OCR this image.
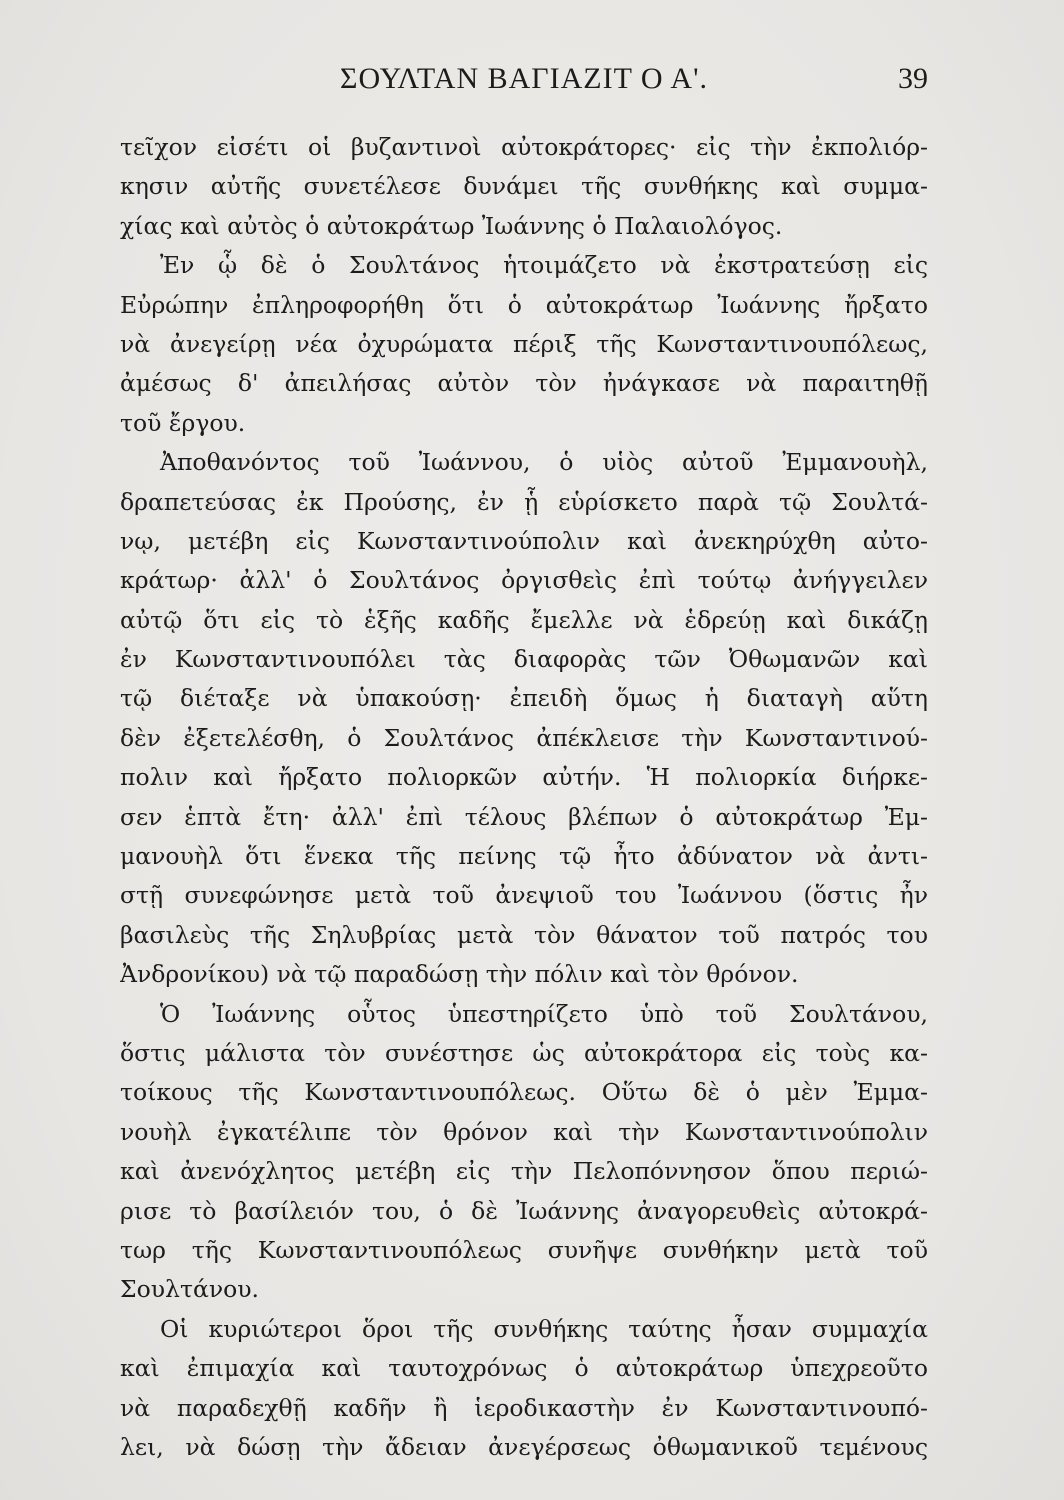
ΣΟΥΛΤΑΝ ΒΑΓΙΑΖΙΤ Ο Α'.	39
τεῖχον εἰσέτι οἱ βυζαντινοὶ αὐτοκράτορες· εἰς τὴν ἐκπολιόρ-
κησιν αὐτῆς συνετέλεσε δυνάμει τῆς συνθήκης καὶ συμμα-
χίας καὶ αὐτὸς ὁ αὐτοκράτωρ Ἰωάννης ὁ Παλαιολόγος.
Ἐν ᾧ δὲ ὁ Σουλτάνος ἡτοιμάζετο νὰ ἐκστρατεύσῃ εἰς
Εὐρώπην ἐπληροφορήθη ὅτι ὁ αὐτοκράτωρ Ἰωάννης ἤρξατο
νὰ ἀνεγείρῃ νέα ὀχυρώματα πέριξ τῆς Κωνσταντινουπόλεως,
ἀμέσως δ' ἀπειλήσας αὐτὸν τὸν ἠνάγκασε νὰ παραιτηθῇ
τοῦ ἔργου.
Ἀποθανόντος τοῦ Ἰωάννου, ὁ υἱὸς αὐτοῦ Ἐμμανουὴλ,
δραπετεύσας ἐκ Προύσης, ἐν ᾗ εὑρίσκετο παρὰ τῷ Σουλτά-
νῳ, μετέβη εἰς Κωνσταντινούπολιν καὶ ἀνεκηρύχθη αὐτο-
κράτωρ· ἀλλ' ὁ Σουλτάνος ὀργισθεὶς ἐπὶ τούτῳ ἀνήγγειλεν
αὐτῷ ὅτι εἰς τὸ ἑξῆς καδῆς ἔμελλε νὰ ἑδρεύῃ καὶ δικάζῃ
ἐν Κωνσταντινουπόλει τὰς διαφορὰς τῶν Ὀθωμανῶν καὶ
τῷ διέταξε νὰ ὑπακούσῃ· ἐπειδὴ ὅμως ἡ διαταγὴ αὕτη
δὲν ἐξετελέσθη, ὁ Σουλτάνος ἀπέκλεισε τὴν Κωνσταντινού-
πολιν καὶ ἤρξατο πολιορκῶν αὐτήν. Ἡ πολιορκία διήρκε-
σεν ἑπτὰ ἔτη· ἀλλ' ἐπὶ τέλους βλέπων ὁ αὐτοκράτωρ Ἐμ-
μανουὴλ ὅτι ἕνεκα τῆς πείνης τῷ ἦτο ἀδύνατον νὰ ἀντι-
στῇ συνεφώνησε μετὰ τοῦ ἀνεψιοῦ του Ἰωάννου (ὅστις ἦν
βασιλεὺς τῆς Σηλυβρίας μετὰ τὸν θάνατον τοῦ πατρός του
Ἀνδρονίκου) νὰ τῷ παραδώσῃ τὴν πόλιν καὶ τὸν θρόνον.
Ὁ Ἰωάννης οὗτος ὑπεστηρίζετο ὑπὸ τοῦ Σουλτάνου,
ὅστις μάλιστα τὸν συνέστησε ὡς αὐτοκράτορα εἰς τοὺς κα-
τοίκους τῆς Κωνσταντινουπόλεως. Οὕτω δὲ ὁ μὲν Ἐμμα-
νουὴλ ἐγκατέλιπε τὸν θρόνον καὶ τὴν Κωνσταντινούπολιν
καὶ ἀνενόχλητος μετέβη εἰς τὴν Πελοπόννησον ὅπου περιώ-
ρισε τὸ βασίλειόν του, ὁ δὲ Ἰωάννης ἀναγορευθεὶς αὐτοκρά-
τωρ τῆς Κωνσταντινουπόλεως συνῆψε συνθήκην μετὰ τοῦ
Σουλτάνου.
Οἱ κυριώτεροι ὅροι τῆς συνθήκης ταύτης ἦσαν συμμαχία
καὶ ἐπιμαχία καὶ ταυτοχρόνως ὁ αὐτοκράτωρ ὑπεχρεοῦτο
νὰ παραδεχθῇ καδῆν ἢ ἱεροδικαστὴν ἐν Κωνσταντινουπό-
λει, νὰ δώσῃ τὴν ἄδειαν ἀνεγέρσεως ὀθωμανικοῦ τεμένους
